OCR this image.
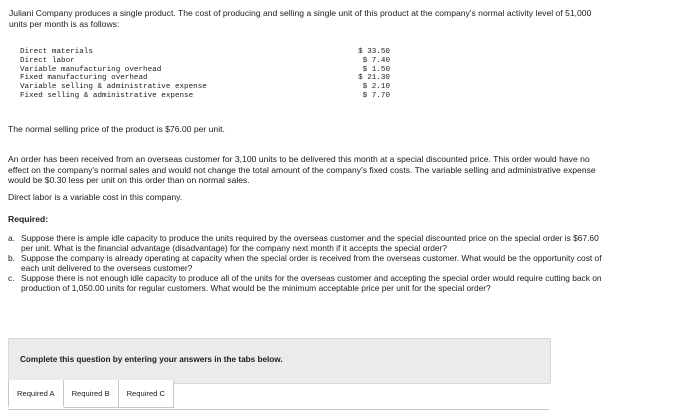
Juliani Company produces a single product. The cost of producing and selling a single unit of this product at the company's normal activity level of 51,000 units per month is as follows:
Direct materials	$ 33.50
Direct labor	$ 7.40
Variable manufacturing overhead	$ 1.50
Fixed manufacturing overhead	$ 21.30
Variable selling & administrative expense	$ 2.10
Fixed selling & administrative expense	$ 7.70
The normal selling price of the product is $76.00 per unit.
An order has been received from an overseas customer for 3,100 units to be delivered this month at a special discounted price. This order would have no effect on the company's normal sales and would not change the total amount of the company's fixed costs. The variable selling and administrative expense would be $0.30 less per unit on this order than on normal sales.
Direct labor is a variable cost in this company.
Required:
a. Suppose there is ample idle capacity to produce the units required by the overseas customer and the special discounted price on the special order is $67.60 per unit. What is the financial advantage (disadvantage) for the company next month if it accepts the special order?
b. Suppose the company is already operating at capacity when the special order is received from the overseas customer. What would be the opportunity cost of each unit delivered to the overseas customer?
c. Suppose there is not enough idle capacity to produce all of the units for the overseas customer and accepting the special order would require cutting back on production of 1,050.00 units for regular customers. What would be the minimum acceptable price per unit for the special order?
Complete this question by entering your answers in the tabs below.
Required A	Required B	Required C
